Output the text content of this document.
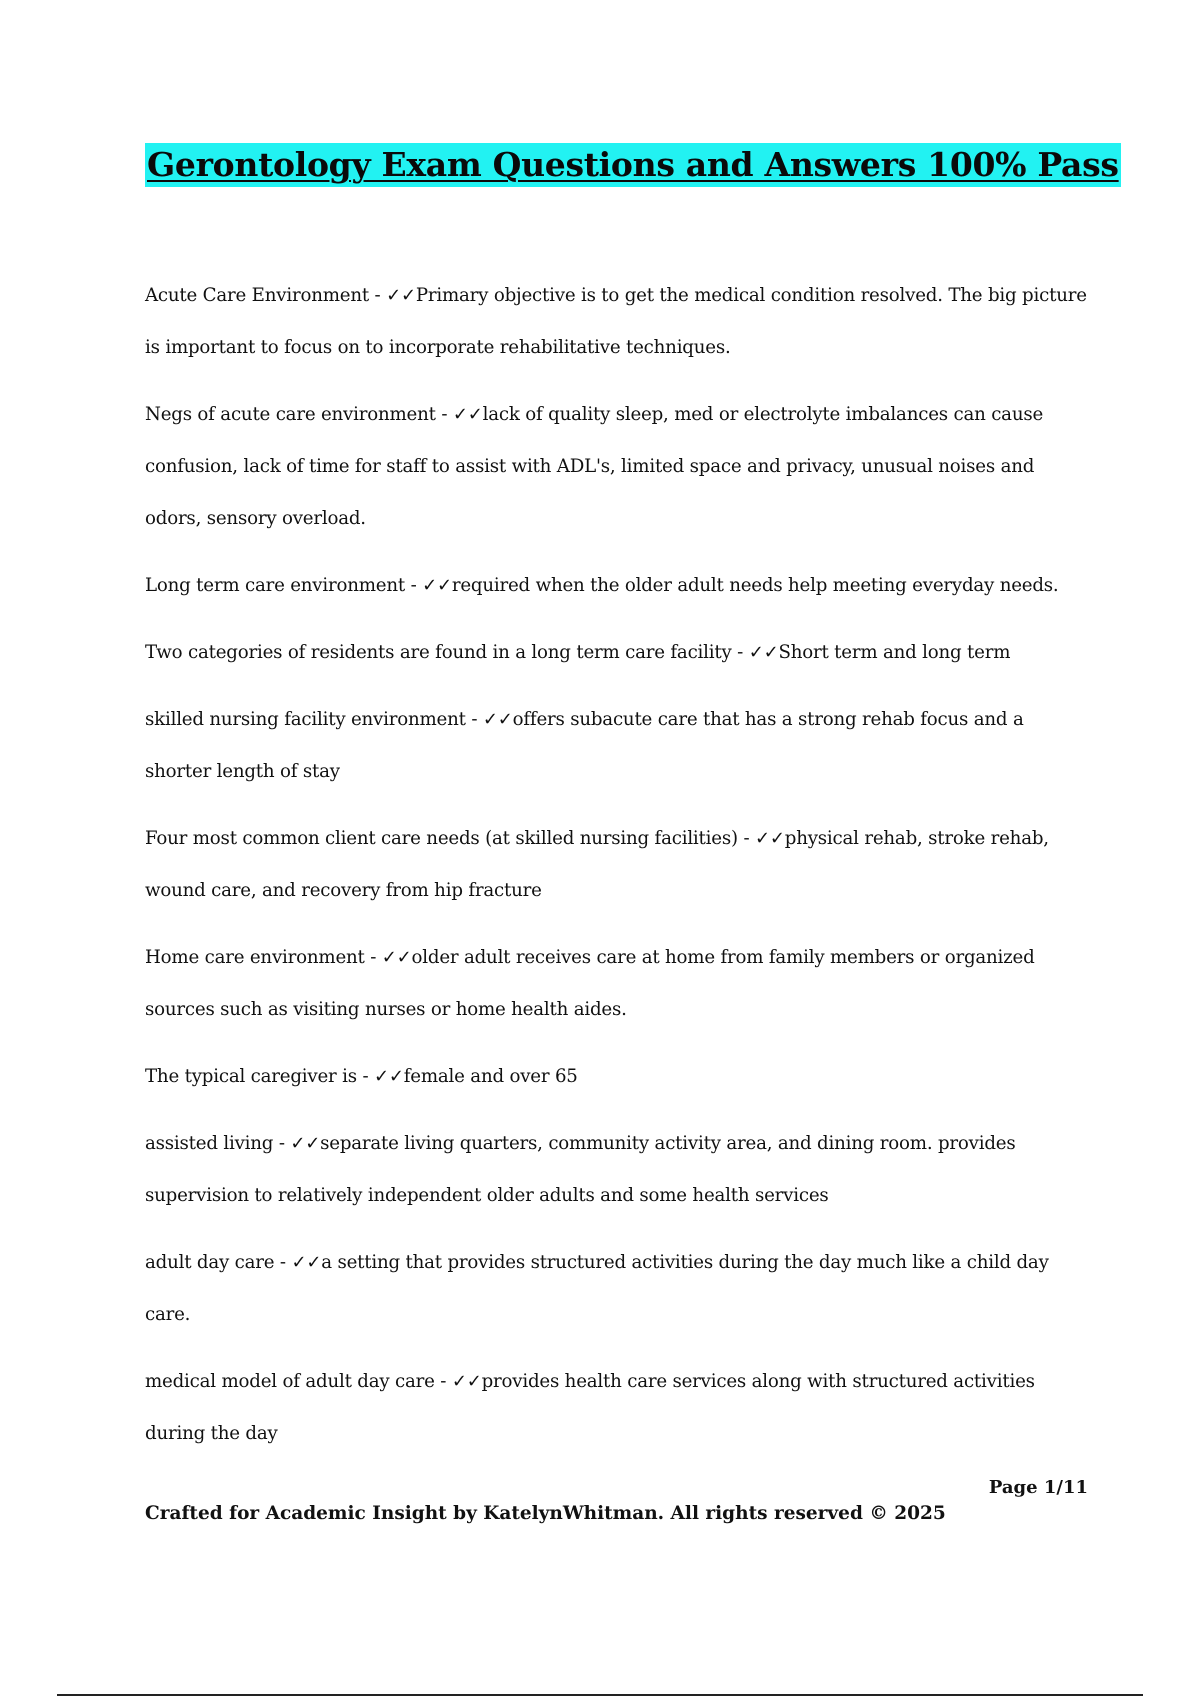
Gerontology Exam Questions and Answers 100% Pass

Acute Care Environment - ✓✓Primary objective is to get the medical condition resolved. The big picture is important to focus on to incorporate rehabilitative techniques.

Negs of acute care environment - ✓✓lack of quality sleep, med or electrolyte imbalances can cause confusion, lack of time for staff to assist with ADL's, limited space and privacy, unusual noises and odors, sensory overload.

Long term care environment - ✓✓required when the older adult needs help meeting everyday needs.

Two categories of residents are found in a long term care facility - ✓✓Short term and long term

skilled nursing facility environment - ✓✓offers subacute care that has a strong rehab focus and a shorter length of stay

Four most common client care needs (at skilled nursing facilities) - ✓✓physical rehab, stroke rehab, wound care, and recovery from hip fracture

Home care environment - ✓✓older adult receives care at home from family members or organized sources such as visiting nurses or home health aides.

The typical caregiver is - ✓✓female and over 65

assisted living - ✓✓separate living quarters, community activity area, and dining room. provides supervision to relatively independent older adults and some health services

adult day care - ✓✓a setting that provides structured activities during the day much like a child day care.

medical model of adult day care - ✓✓provides health care services along with structured activities during the day

Page 1/11
Crafted for Academic Insight by KatelynWhitman. All rights reserved © 2025
